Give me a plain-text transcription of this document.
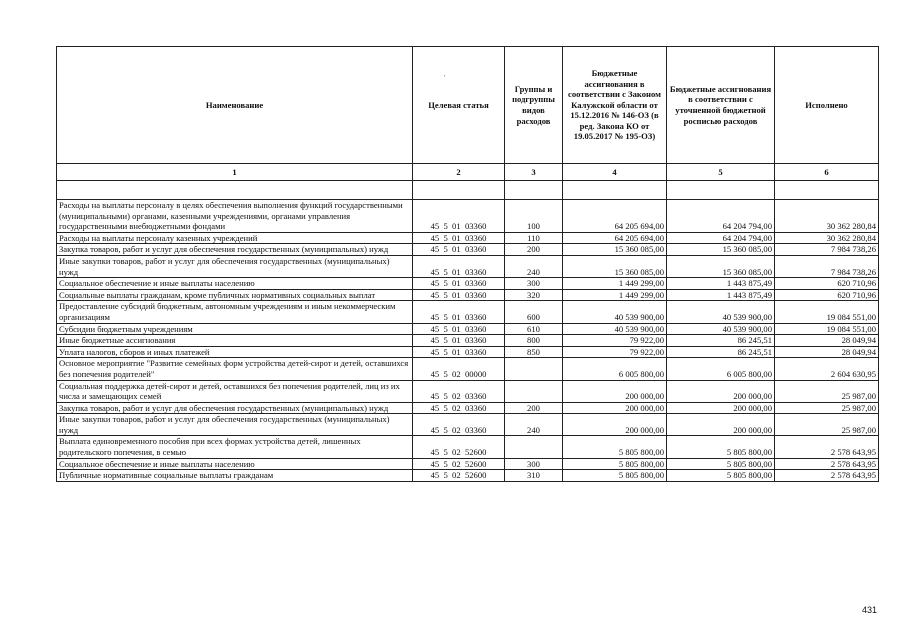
'
Наименование	Целевая статья	Группы и подгруппы видов расходов	Бюджетные ассигнования в соответствии с Законом Калужской области от 15.12.2016 № 146-ОЗ (в ред. Закона КО от 19.05.2017 № 195-ОЗ)	Бюджетные ассигнования в соответствии с уточненной бюджетной росписью расходов	Исполнено
1	2	3	4	5	6

Расходы на выплаты персоналу в целях обеспечения выполнения функций государственными (муниципальными) органами, казенными учреждениями, органами управления государственными внебюджетными фондами	45  5  01  03360	100	64 205 694,00	64 204 794,00	30 362 280,84
Расходы на выплаты персоналу казенных учреждений	45  5  01  03360	110	64 205 694,00	64 204 794,00	30 362 280,84
Закупка товаров, работ и услуг для обеспечения государственных (муниципальных) нужд	45  5  01  03360	200	15 360 085,00	15 360 085,00	7 984 738,26
Иные закупки товаров, работ и услуг для обеспечения государственных (муниципальных) нужд	45  5  01  03360	240	15 360 085,00	15 360 085,00	7 984 738,26
Социальное обеспечение и иные выплаты населению	45  5  01  03360	300	1 449 299,00	1 443 875,49	620 710,96
Социальные выплаты гражданам, кроме публичных нормативных социальных выплат	45  5  01  03360	320	1 449 299,00	1 443 875,49	620 710,96
Предоставление субсидий бюджетным, автономным учреждениям и иным некоммерческим организациям	45  5  01  03360	600	40 539 900,00	40 539 900,00	19 084 551,00
Субсидии бюджетным учреждениям	45  5  01  03360	610	40 539 900,00	40 539 900,00	19 084 551,00
Иные бюджетные ассигнования	45  5  01  03360	800	79 922,00	86 245,51	28 049,94
Уплата налогов, сборов и иных платежей	45  5  01  03360	850	79 922,00	86 245,51	28 049,94
Основное мероприятие "Развитие семейных форм устройства детей-сирот и детей, оставшихся без попечения родителей"	45  5  02  00000		6 005 800,00	6 005 800,00	2 604 630,95
Социальная поддержка детей-сирот и детей, оставшихся без попечения родителей, лиц из их числа и замещающих семей	45  5  02  03360		200 000,00	200 000,00	25 987,00
Закупка товаров, работ и услуг для обеспечения государственных (муниципальных) нужд	45  5  02  03360	200	200 000,00	200 000,00	25 987,00
Иные закупки товаров, работ и услуг для обеспечения государственных (муниципальных) нужд	45  5  02  03360	240	200 000,00	200 000,00	25 987,00
Выплата единовременного пособия при всех формах устройства детей, лишенных родительского попечения, в семью	45  5  02  52600		5 805 800,00	5 805 800,00	2 578 643,95
Социальное обеспечение и иные выплаты населению	45  5  02  52600	300	5 805 800,00	5 805 800,00	2 578 643,95
Публичные нормативные социальные выплаты гражданам	45  5  02  52600	310	5 805 800,00	5 805 800,00	2 578 643,95
431
